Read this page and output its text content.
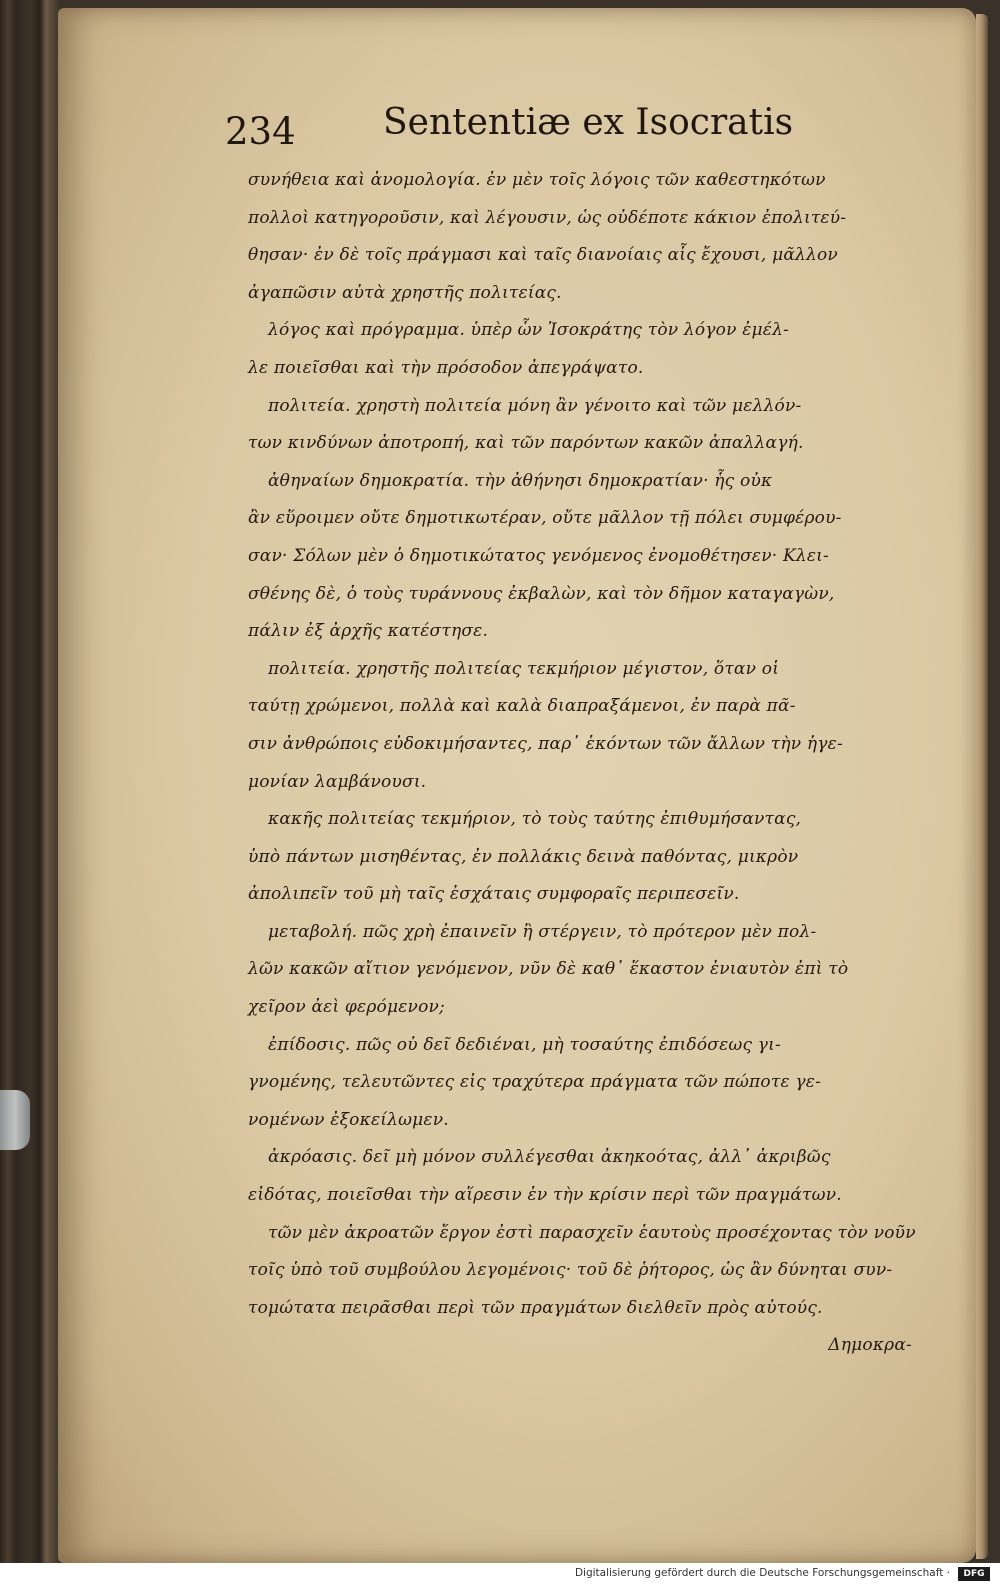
234 Sententiæ ex Isocratis
συνήθεια καὶ ἀνομολογία. ἐν μὲν τοῖς λόγοις τῶν καθεστηκότων
πολλοὶ κατηγοροῦσιν, καὶ λέγουσιν, ὡς οὐδέποτε κάκιον ἐπολιτεύ-
θησαν· ἐν δὲ τοῖς πράγμασι καὶ ταῖς διανοίαις αἷς ἔχουσι, μᾶλλον
ἀγαπῶσιν αὐτὰ χρηστῆς πολιτείας.
λόγος καὶ πρόγραμμα. ὑπὲρ ὧν Ἰσοκράτης τὸν λόγον ἐμέλ-
λε ποιεῖσθαι καὶ τὴν πρόσοδον ἀπεγράψατο.
πολιτεία. χρηστὴ πολιτεία μόνη ἂν γένοιτο καὶ τῶν μελλόν-
των κινδύνων ἀποτροπή, καὶ τῶν παρόντων κακῶν ἀπαλλαγή.
ἀθηναίων δημοκρατία. τὴν ἀθήνησι δημοκρατίαν· ἧς οὐκ
ἂν εὕροιμεν οὔτε δημοτικωτέραν, οὔτε μᾶλλον τῇ πόλει συμφέρου-
σαν· Σόλων μὲν ὁ δημοτικώτατος γενόμενος ἐνομοθέτησεν· Κλει-
σθένης δὲ, ὁ τοὺς τυράννους ἐκβαλὼν, καὶ τὸν δῆμον καταγαγὼν,
πάλιν ἐξ ἀρχῆς κατέστησε.
πολιτεία. χρηστῆς πολιτείας τεκμήριον μέγιστον, ὅταν οἱ
ταύτῃ χρώμενοι, πολλὰ καὶ καλὰ διαπραξάμενοι, ἐν παρὰ πᾶ-
σιν ἀνθρώποις εὐδοκιμήσαντες, παρ᾽ ἑκόντων τῶν ἄλλων τὴν ἡγε-
μονίαν λαμβάνουσι.
κακῆς πολιτείας τεκμήριον, τὸ τοὺς ταύτης ἐπιθυμήσαντας,
ὑπὸ πάντων μισηθέντας, ἐν πολλάκις δεινὰ παθόντας, μικρὸν
ἀπολιπεῖν τοῦ μὴ ταῖς ἐσχάταις συμφοραῖς περιπεσεῖν.
μεταβολή. πῶς χρὴ ἐπαινεῖν ἢ στέργειν, τὸ πρότερον μὲν πολ-
λῶν κακῶν αἴτιον γενόμενον, νῦν δὲ καθ᾽ ἕκαστον ἐνιαυτὸν ἐπὶ τὸ
χεῖρον ἀεὶ φερόμενον;
ἐπίδοσις. πῶς οὐ δεῖ δεδιέναι, μὴ τοσαύτης ἐπιδόσεως γι-
γνομένης, τελευτῶντες εἰς τραχύτερα πράγματα τῶν πώποτε γε-
νομένων ἐξοκείλωμεν.
ἀκρόασις. δεῖ μὴ μόνον συλλέγεσθαι ἀκηκοότας, ἀλλ᾽ ἀκριβῶς
εἰδότας, ποιεῖσθαι τὴν αἵρεσιν ἐν τὴν κρίσιν περὶ τῶν πραγμάτων.
τῶν μὲν ἀκροατῶν ἔργον ἐστὶ παρασχεῖν ἑαυτοὺς προσέχοντας τὸν νοῦν
τοῖς ὑπὸ τοῦ συμβούλου λεγομένοις· τοῦ δὲ ῥήτορος, ὡς ἂν δύνηται συν-
τομώτατα πειρᾶσθαι περὶ τῶν πραγμάτων διελθεῖν πρὸς αὐτούς.
Δημοκρα-
Digitalisierung gefördert durch die Deutsche Forschungsgemeinschaft ·	DFG
